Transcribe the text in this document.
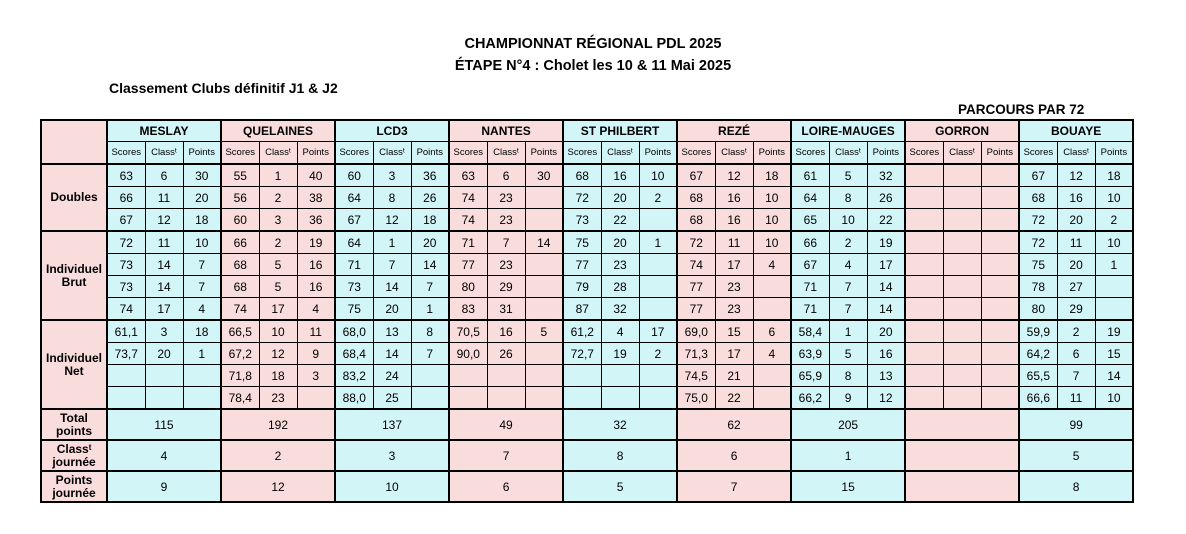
CHAMPIONNAT RÉGIONAL PDL 2025
ÉTAPE N°4 : Cholet les 10 & 11 Mai 2025
Classement Clubs définitif J1 & J2
PARCOURS PAR 72
	MESLAY			QUELAINES			LCD3			NANTES			ST PHILBERT			REZÉ			LOIRE-MAUGES			GORRON			BOUAYE		
	Scores	Classᵗ	Points	Scores	Classᵗ	Points	Scores	Classᵗ	Points	Scores	Classᵗ	Points	Scores	Classᵗ	Points	Scores	Classᵗ	Points	Scores	Classᵗ	Points	Scores	Classᵗ	Points	Scores	Classᵗ	Points
Doubles	63	6	30	55	1	40	60	3	36	63	6	30	68	16	10	67	12	18	61	5	32				67	12	18
	66	11	20	56	2	38	64	8	26	74	23		72	20	2	68	16	10	64	8	26				68	16	10
	67	12	18	60	3	36	67	12	18	74	23		73	22		68	16	10	65	10	22				72	20	2
Individuel Brut	72	11	10	66	2	19	64	1	20	71	7	14	75	20	1	72	11	10	66	2	19				72	11	10
	73	14	7	68	5	16	71	7	14	77	23		77	23		74	17	4	67	4	17				75	20	1
	73	14	7	68	5	16	73	14	7	80	29		79	28		77	23		71	7	14				78	27	
	74	17	4	74	17	4	75	20	1	83	31		87	32		77	23		71	7	14				80	29	
Individuel Net	61,1	3	18	66,5	10	11	68,0	13	8	70,5	16	5	61,2	4	17	69,0	15	6	58,4	1	20				59,9	2	19
	73,7	20	1	67,2	12	9	68,4	14	7	90,0	26		72,7	19	2	71,3	17	4	63,9	5	16				64,2	6	15
				71,8	18	3	83,2	24								74,5	21		65,9	8	13				65,5	7	14
				78,4	23		88,0	25								75,0	22		66,2	9	12				66,6	11	10
Total points	115			192			137			49			32			62			205						99		
Classᵗ journée	4			2			3			7			8			6			1						5		
Points journée	9			12			10			6			5			7			15						8		
